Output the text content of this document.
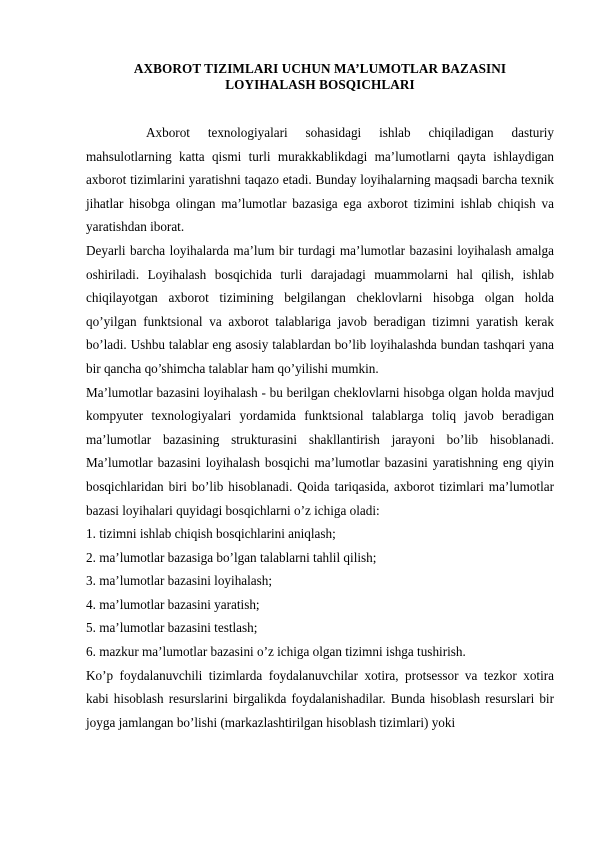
AXBOROT TIZIMLARI UCHUN MA’LUMOTLAR BAZASINI
LOYIHALASH BOSQICHLARI

Axborot texnologiyalari sohasidagi ishlab chiqiladigan dasturiy mahsulotlarning katta qismi turli murakkablikdagi ma’lumotlarni qayta ishlaydigan axborot tizimlarini yaratishni taqazo etadi. Bunday loyihalarning maqsadi barcha texnik jihatlar hisobga olingan ma’lumotlar bazasiga ega axborot tizimini ishlab chiqish va yaratishdan iborat.

Deyarli barcha loyihalarda ma’lum bir turdagi ma’lumotlar bazasini loyihalash amalga oshiriladi. Loyihalash bosqichida turli darajadagi muammolarni hal qilish, ishlab chiqilayotgan axborot tizimining belgilangan cheklovlarni hisobga olgan holda qo’yilgan funktsional va axborot talablariga javob beradigan tizimni yaratish kerak bo’ladi. Ushbu talablar eng asosiy talablardan bo’lib loyihalashda bundan tashqari yana bir qancha qo’shimcha talablar ham qo’yilishi mumkin.

Ma’lumotlar bazasini loyihalash - bu berilgan cheklovlarni hisobga olgan holda mavjud kompyuter texnologiyalari yordamida funktsional talablarga toliq javob beradigan ma’lumotlar bazasining strukturasini shakllantirish jarayoni bo’lib hisoblanadi. Ma’lumotlar bazasini loyihalash bosqichi ma’lumotlar bazasini yaratishning eng qiyin bosqichlaridan biri bo’lib hisoblanadi. Qoida tariqasida, axborot tizimlari ma’lumotlar bazasi loyihalari quyidagi bosqichlarni o’z ichiga oladi:

1. tizimni ishlab chiqish bosqichlarini aniqlash;
2. ma’lumotlar bazasiga bo’lgan talablarni tahlil qilish;
3. ma’lumotlar bazasini loyihalash;
4. ma’lumotlar bazasini yaratish;
5. ma’lumotlar bazasini testlash;
6. mazkur ma’lumotlar bazasini o’z ichiga olgan tizimni ishga tushirish.

Ko’p foydalanuvchili tizimlarda foydalanuvchilar xotira, protsessor va tezkor xotira kabi hisoblash resurslarini birgalikda foydalanishadilar. Bunda hisoblash resurslari bir joyga jamlangan bo’lishi (markazlashtirilgan hisoblash tizimlari) yoki
